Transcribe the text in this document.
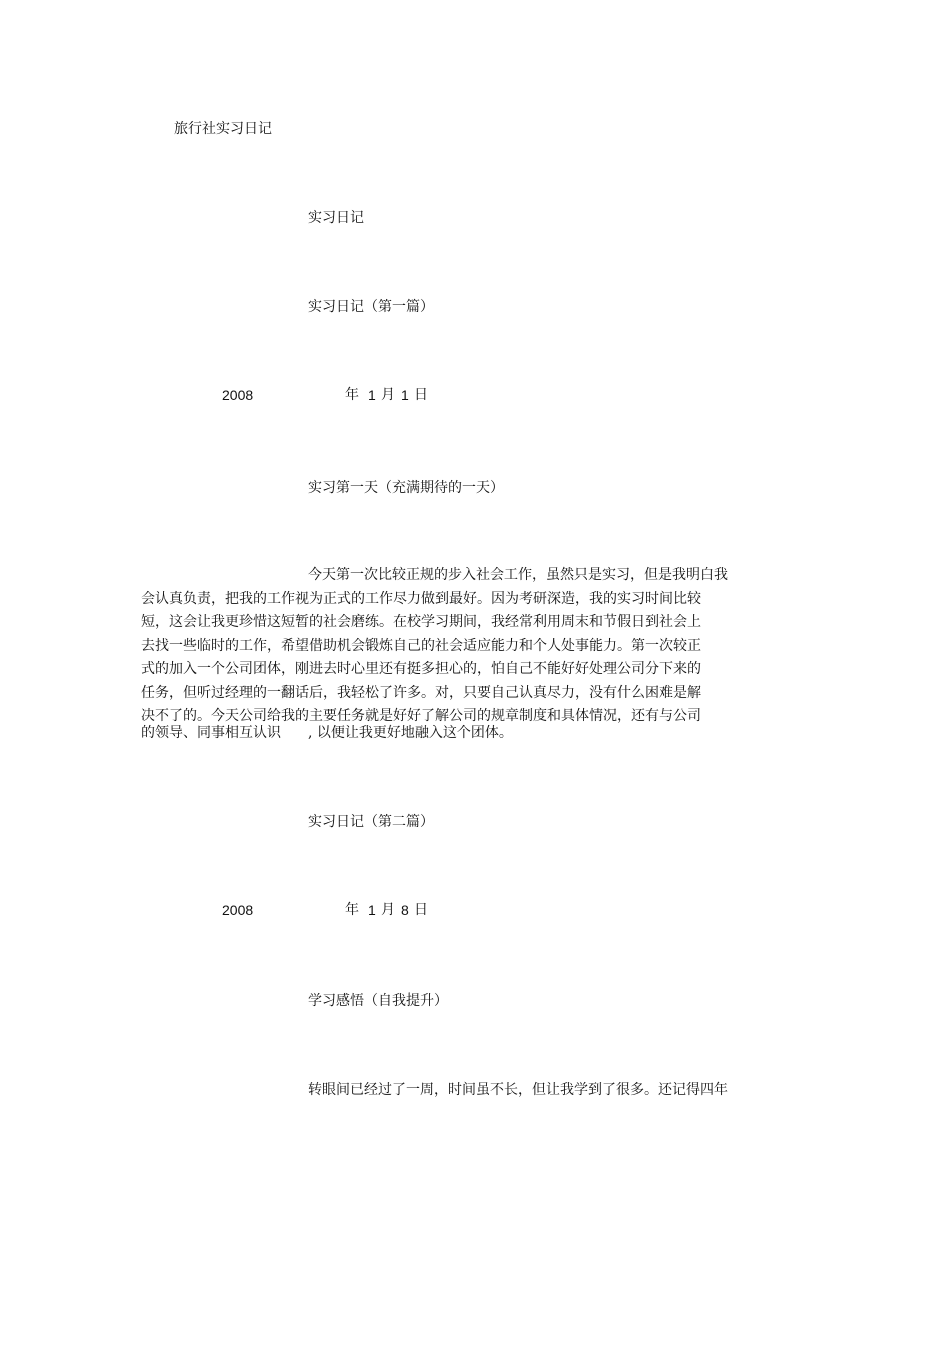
旅行社实习日记
实习日记
实习日记（第一篇）
2008	年 1 月 1 日
实习第一天（充满期待的一天）
今天第一次比较正规的步入社会工作，虽然只是实习，但是我明白我
会认真负责，把我的工作视为正式的工作尽力做到最好。因为考研深造，我的实习时间比较
短，这会让我更珍惜这短暂的社会磨练。在校学习期间，我经常利用周末和节假日到社会上
去找一些临时的工作，希望借助机会锻炼自己的社会适应能力和个人处事能力。第一次较正
式的加入一个公司团体，刚进去时心里还有挺多担心的，怕自己不能好好处理公司分下来的
任务，但听过经理的一翻话后，我轻松了许多。对，只要自己认真尽力，没有什么困难是解
决不了的。今天公司给我的主要任务就是好好了解公司的规章制度和具体情况，还有与公司
的领导、同事相互认识 , 以便让我更好地融入这个团体。
实习日记（第二篇）
2008	年 1 月 8 日
学习感悟（自我提升）
转眼间已经过了一周，时间虽不长，但让我学到了很多。还记得四年
